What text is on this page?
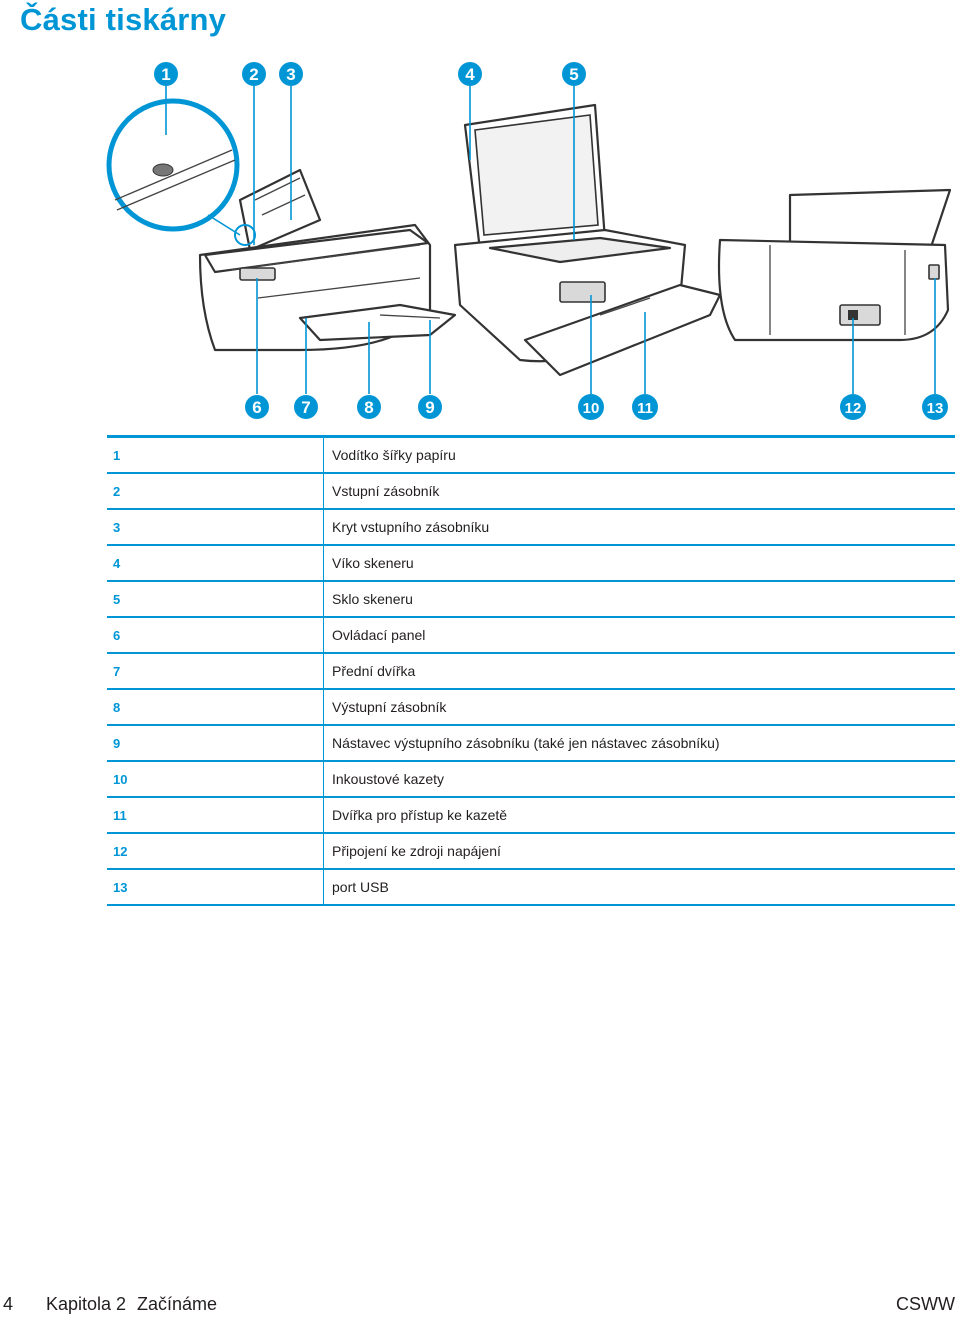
Části tiskárny
1	2 3	4	5
6 7	8	9	10	11	12	13
1	Vodítko šířky papíru
2	Vstupní zásobník
3	Kryt vstupního zásobníku
4	Víko skeneru
5	Sklo skeneru
6	Ovládací panel
7	Přední dvířka
8	Výstupní zásobník
9	Nástavec výstupního zásobníku (také jen nástavec zásobníku)
10	Inkoustové kazety
11	Dvířka pro přístup ke kazetě
12	Připojení ke zdroji napájení
13	port USB
4 Kapitola 2 Začínáme	CSWW
